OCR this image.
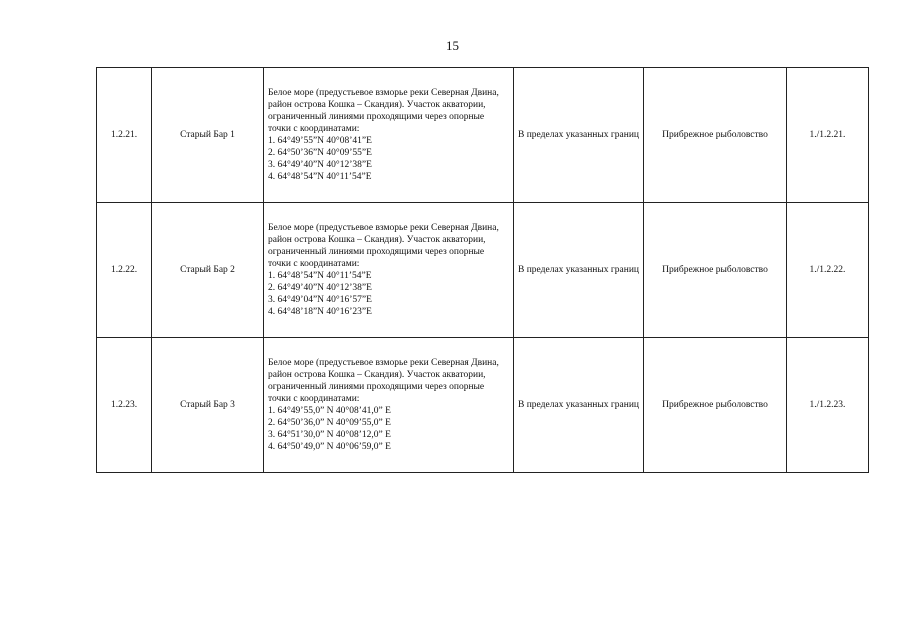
15
1.2.21.	Старый Бар 1	Белое море (предустьевое взморье реки Северная Двина, район острова Кошка – Скандия). Участок акватории, ограниченный линиями проходящими через опорные точки с координатами:
1. 64°49’55”N 40°08’41”E
2. 64°50’36”N 40°09’55”E
3. 64°49’40”N 40°12’38”E
4. 64°48’54”N 40°11’54”E	В пределах указанных границ	Прибрежное рыболовство	1./1.2.21.
1.2.22.	Старый Бар 2	Белое море (предустьевое взморье реки Северная Двина, район острова Кошка – Скандия). Участок акватории, ограниченный линиями проходящими через опорные точки с координатами:
1. 64°48’54”N 40°11’54”E
2. 64°49’40”N 40°12’38”E
3. 64°49’04”N 40°16’57”E
4. 64°48’18”N 40°16’23”E	В пределах указанных границ	Прибрежное рыболовство	1./1.2.22.
1.2.23.	Старый Бар 3	Белое море (предустьевое взморье реки Северная Двина, район острова Кошка – Скандия). Участок акватории, ограниченный линиями проходящими через опорные точки с координатами:
1. 64°49’55,0” N 40°08’41,0” E
2. 64°50’36,0” N 40°09’55,0” E
3. 64°51’30,0” N 40°08’12,0” E
4. 64°50’49,0” N 40°06’59,0” E	В пределах указанных границ	Прибрежное рыболовство	1./1.2.23.
